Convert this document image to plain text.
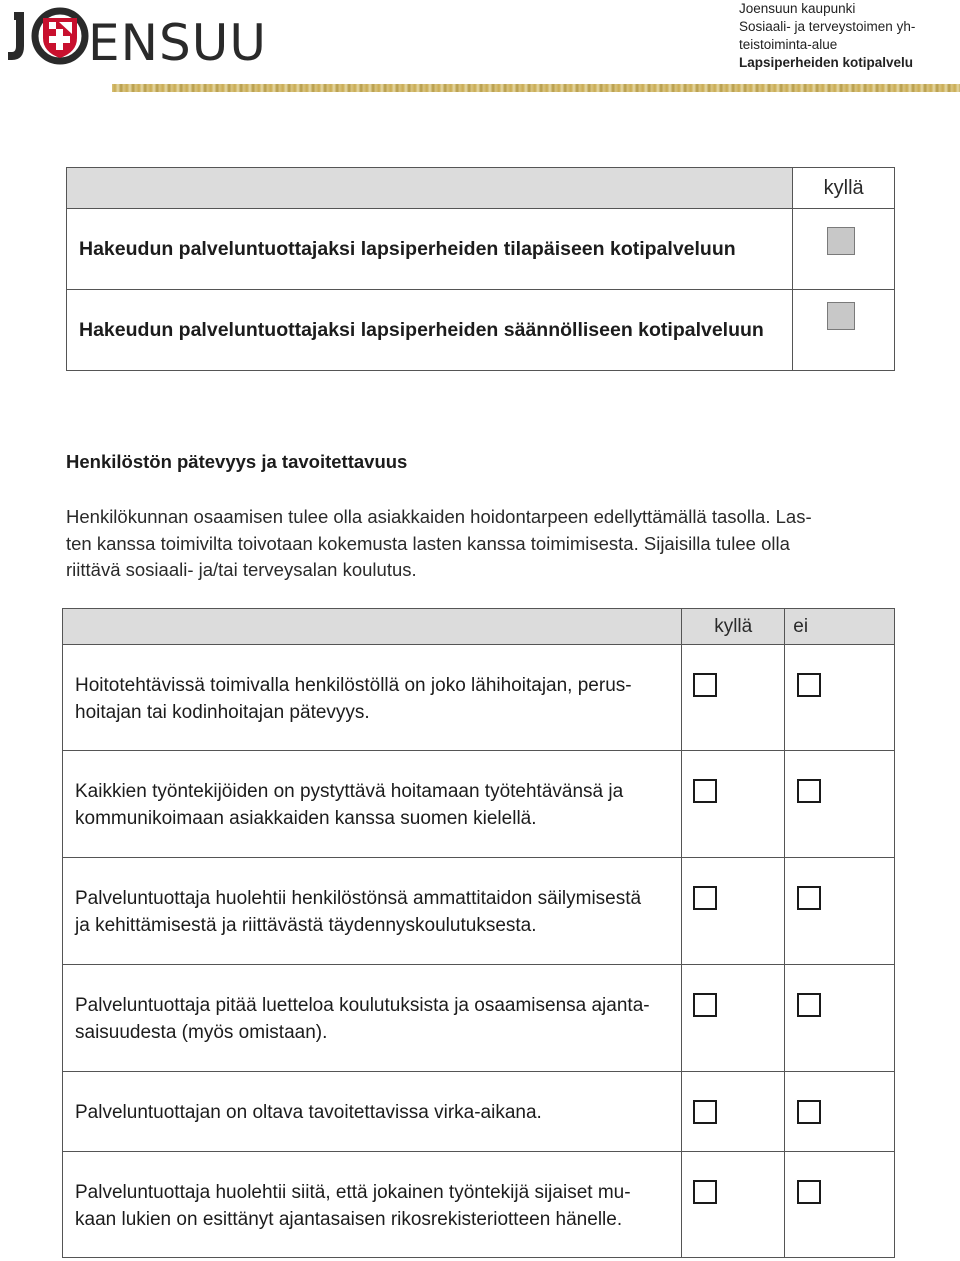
ENSUU
Joensuun kaupunki
Sosiaali- ja terveystoimen yh-
teistoiminta-alue
Lapsiperheiden kotipalvelu
	kyllä
Hakeudun palveluntuottajaksi lapsiperheiden tilapäiseen kotipalveluun	

Hakeudun palveluntuottajaksi lapsiperheiden säännölliseen kotipalveluun	
Henkilöstön pätevyys ja tavoitettavuus
Henkilökunnan osaamisen tulee olla asiakkaiden hoidontarpeen edellyttämällä tasolla. Las-
ten kanssa toimivilta toivotaan kokemusta lasten kanssa toimimisesta. Sijaisilla tulee olla
riittävä sosiaali- ja/tai terveysalan koulutus.
	kyllä	ei

Hoitotehtävissä toimivalla henkilöstöllä on joko lähihoitajan, perus-
hoitajan tai kodinhoitajan pätevyys.		

Kaikkien työntekijöiden on pystyttävä hoitamaan työtehtävänsä ja
kommunikoimaan asiakkaiden kanssa suomen kielellä.		

Palveluntuottaja huolehtii henkilöstönsä ammattitaidon säilymisestä
ja kehittämisestä ja riittävästä täydennyskoulutuksesta.		

Palveluntuottaja pitää luetteloa koulutuksista ja osaamisensa ajanta-
saisuudesta (myös omistaan).		

Palveluntuottajan on oltava tavoitettavissa virka-aikana.		

Palveluntuottaja huolehtii siitä, että jokainen työntekijä sijaiset mu-
kaan lukien on esittänyt ajantasaisen rikosrekisteriotteen hänelle.		
